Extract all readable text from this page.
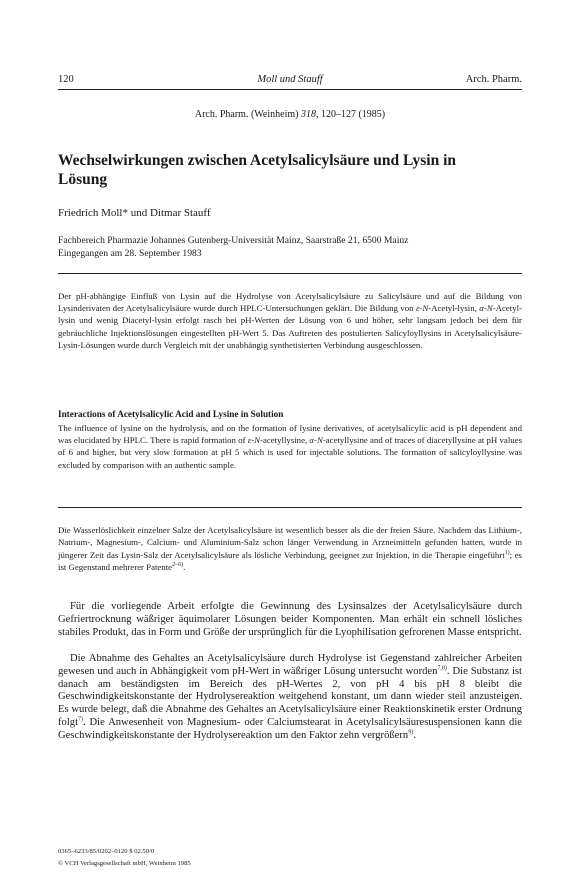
120	Moll und Stauff	Arch. Pharm.
Arch. Pharm. (Weinheim) 318, 120–127 (1985)
Wechselwirkungen zwischen Acetylsalicylsäure und Lysin in
Lösung
Friedrich Moll* und Ditmar Stauff
Fachbereich Pharmazie Johannes Gutenberg-Universität Mainz, Saarstraße 21, 6500 Mainz
Eingegangen am 28. September 1983

Der pH-abhängige Einfluß von Lysin auf die Hydrolyse von Acetylsalicylsäure zu Salicylsäure und auf die Bildung von Lysinderivaten der Acetylsalicylsäure wurde durch HPLC-Untersuchungen geklärt. Die Bildung von ε-N-Acetyl-lysin, α-N-Acetyl-lysin und wenig Diacetyl-lysin erfolgt rasch bei pH-Werten der Lösung von 6 und höher, sehr langsam jedoch bei dem für gebräuchliche Injektionslösungen eingestellten pH-Wert 5. Das Auftreten des postulierten Salicyloyllysins in Acetylsalicylsäure-Lysin-Lösungen wurde durch Vergleich mit der unabhängig synthetisierten Verbindung ausgeschlossen.

Interactions of Acetylsalicylic Acid and Lysine in Solution

The influence of lysine on the hydrolysis, and on the formation of lysine derivatives, of acetylsalicylic acid is pH dependent and was elucidated by HPLC. There is rapid formation of ε-N-acetyllysine, α-N-acetyllysine and of traces of diacetyllysine at pH values of 6 and higher, but very slow formation at pH 5 which is used for injectable solutions. The formation of salicyloyllysine was excluded by comparison with an authentic sample.

Die Wasserlöslichkeit einzelner Salze der Acetylsalicylsäure ist wesentlich besser als die der freien Säure. Nachdem das Lithium-, Natrium-, Magnesium-, Calcium- und Aluminium-Salz schon länger Verwendung in Arzneimitteln gefunden hatten, wurde in jüngerer Zeit das Lysin-Salz der Acetylsalicylsäure als lösliche Verbindung, geeignet zur Injektion, in die Therapie eingeführt$^{1)}$; es ist Gegenstand mehrerer Patente$^{2-6)}$.

Für die vorliegende Arbeit erfolgte die Gewinnung des Lysinsalzes der Acetylsalicylsäure durch Gefriertrocknung wäßriger äquimolarer Lösungen beider Komponenten. Man erhält ein schnell lösliches stabiles Produkt, das in Form und Größe der ursprünglich für die Lyophilisation gefrorenen Masse entspricht.

Die Abnahme des Gehaltes an Acetylsalicylsäure durch Hydrolyse ist Gegenstand zahlreicher Arbeiten gewesen und auch in Abhängigkeit vom pH-Wert in wäßriger Lösung untersucht worden$^{7,8)}$. Die Substanz ist danach am beständigsten im Bereich des pH-Wertes 2, von pH 4 bis pH 8 bleibt die Geschwindigkeitskonstante der Hydrolysereaktion weitgehend konstant, um dann wieder steil anzusteigen. Es wurde belegt, daß die Abnahme des Gehaltes an Acetylsalicylsäure einer Reaktionskinetik erster Ordnung folgt$^{7)}$. Die Anwesenheit von Magnesium- oder Calciumstearat in Acetylsalicylsäuresuspensionen kann die Geschwindigkeitskonstante der Hydrolysereaktion um den Faktor zehn vergrößern$^{9)}$.

0365–6233/85/0202–0120 $ 02.50/0
© VCH Verlagsgesellschaft mbH, Weinheim 1985
